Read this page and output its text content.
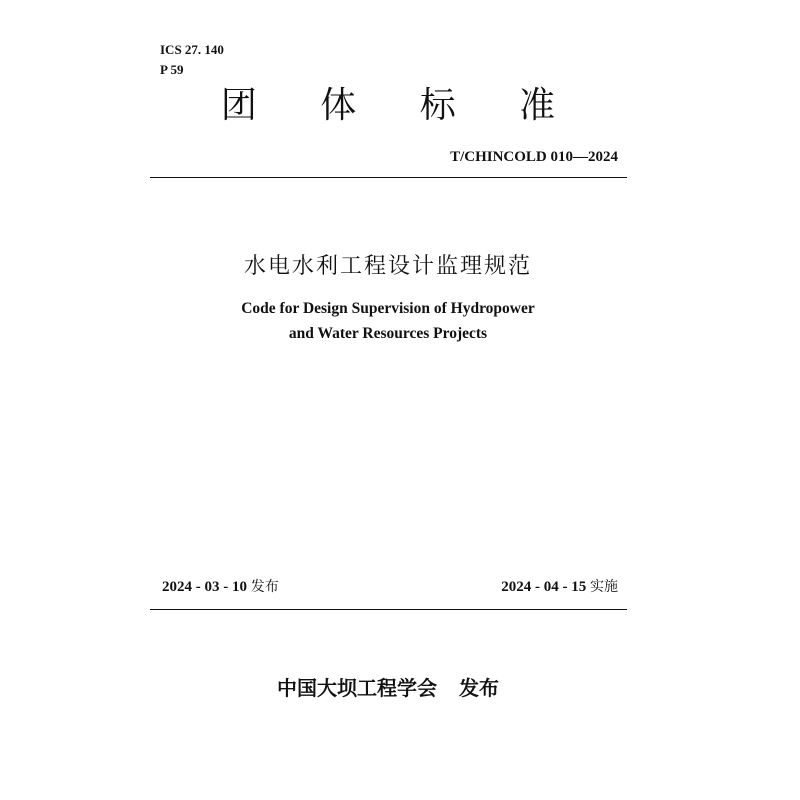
ICS 27. 140
P 59
团 体 标 准
T/CHINCOLD 010—2024
水电水利工程设计监理规范
Code for Design Supervision of Hydropower
and Water Resources Projects
2024 - 03 - 10 发布	2024 - 04 - 15 实施
中国大坝工程学会 发布
